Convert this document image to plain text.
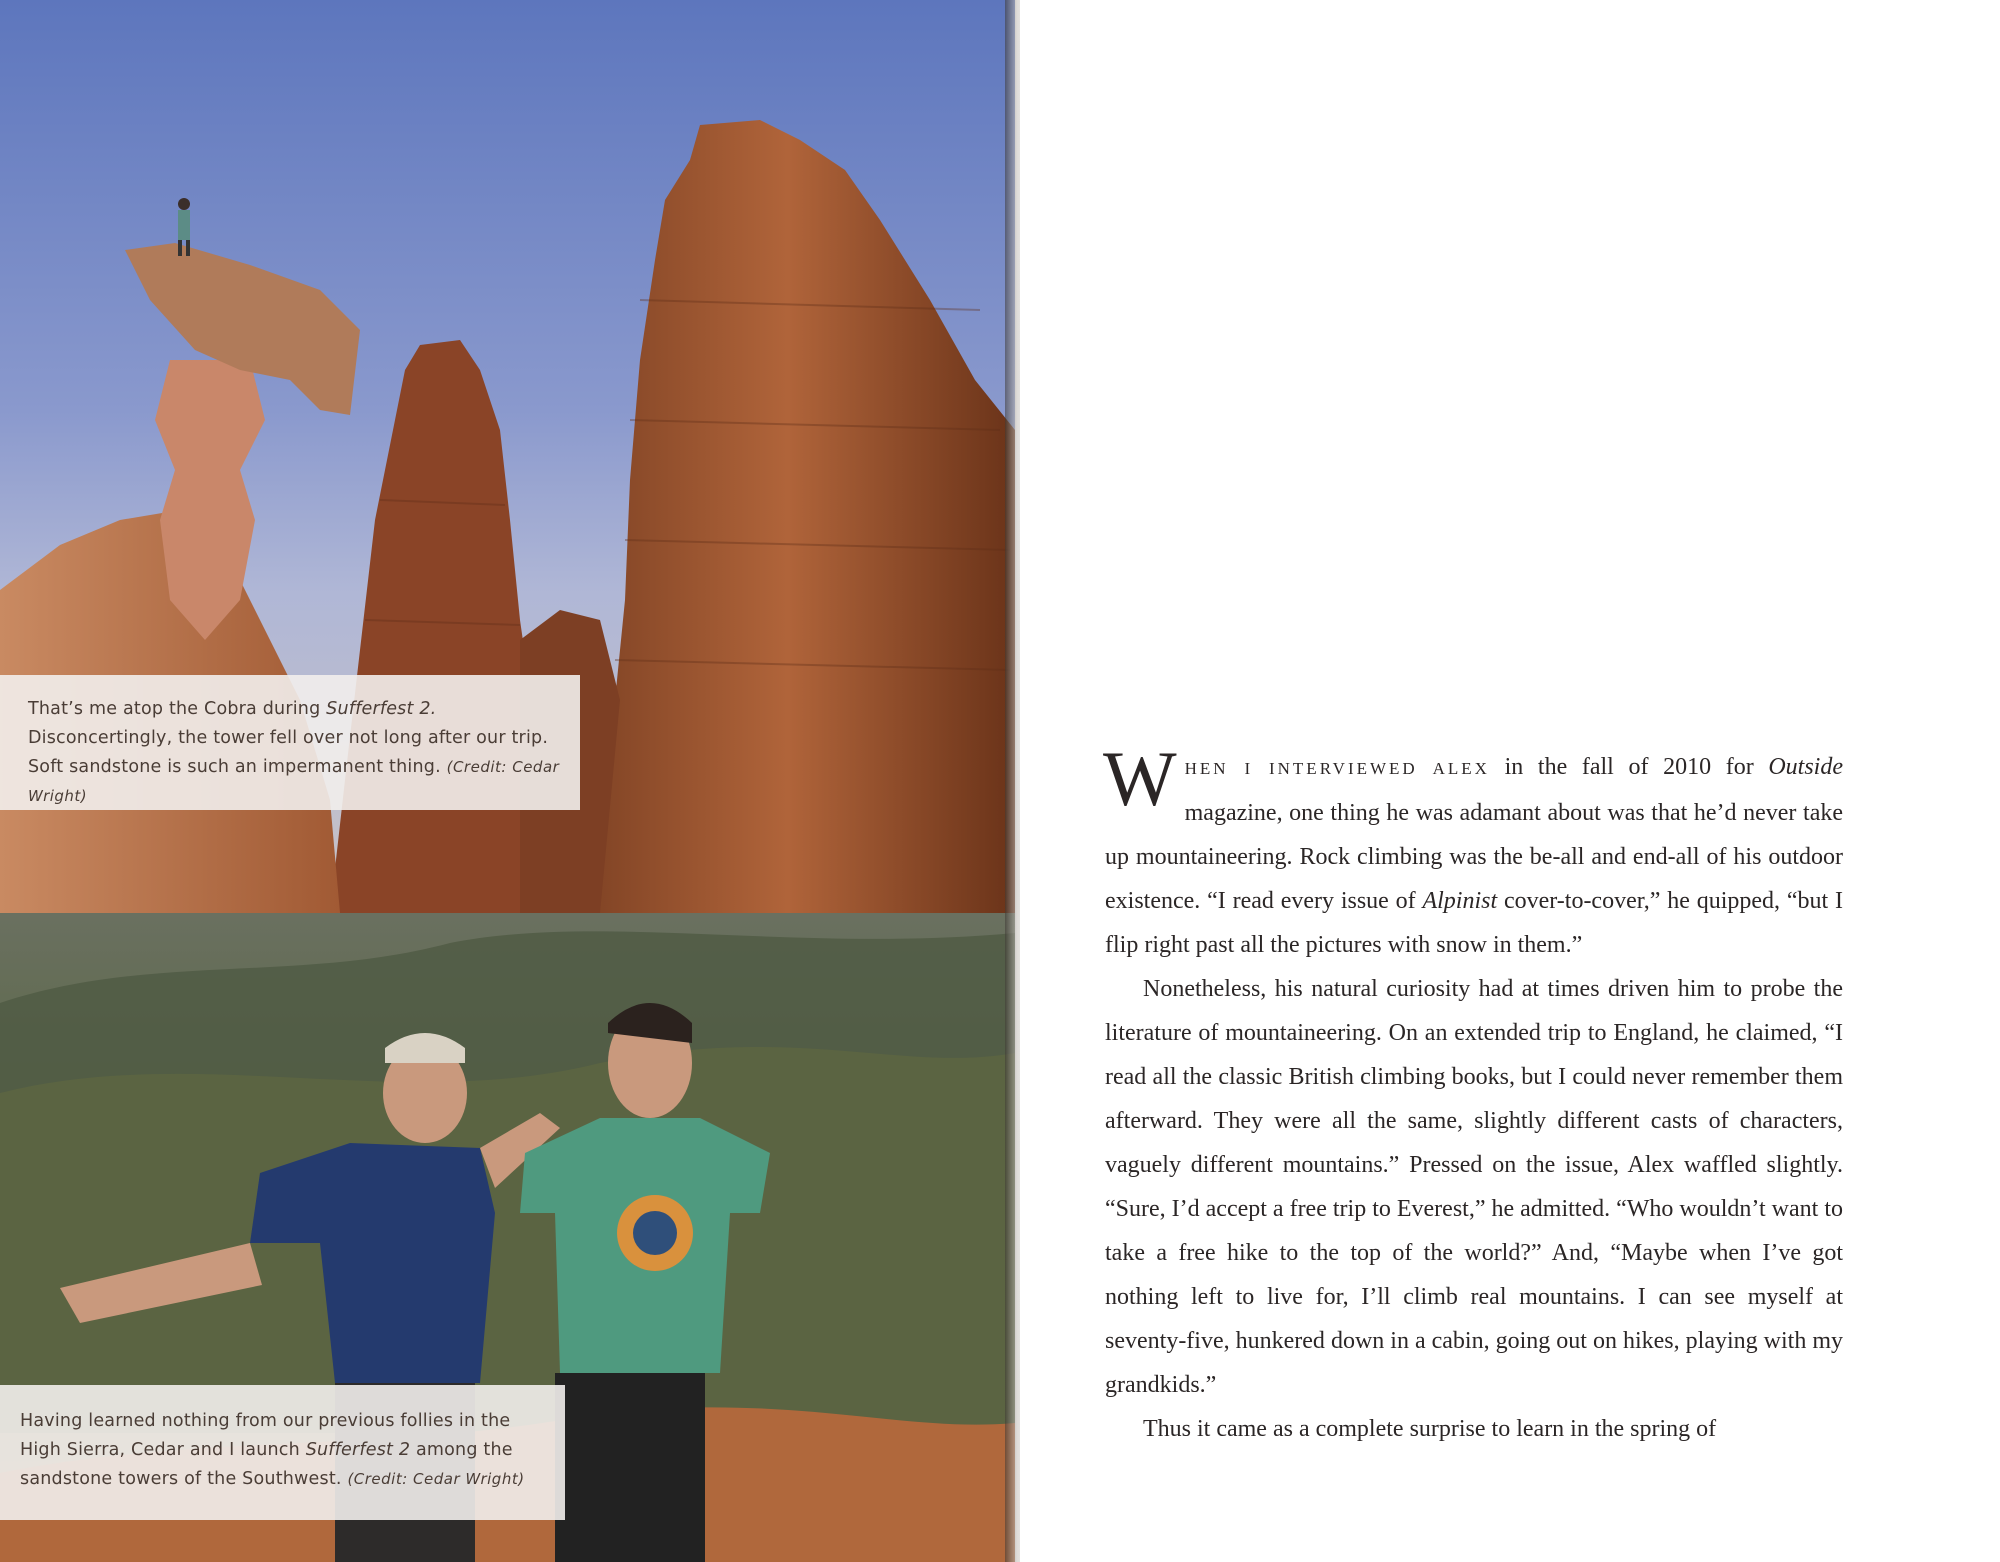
That’s me atop the Cobra during Sufferfest 2. Disconcertingly, the tower fell over not long after our trip. Soft sandstone is such an impermanent thing. (Credit: Cedar Wright)
Having learned nothing from our previous follies in the High Sierra, Cedar and I launch Sufferfest 2 among the sandstone towers of the Southwest. (Credit: Cedar Wright)

WHEN I INTERVIEWED ALEX in the fall of 2010 for Outside magazine, one thing he was adamant about was that he’d never take up mountaineering. Rock climbing was the be-all and end-all of his outdoor existence. “I read every issue of Alpinist cover-to-cover,” he quipped, “but I flip right past all the pictures with snow in them.”

Nonetheless, his natural curiosity had at times driven him to probe the literature of mountaineering. On an extended trip to England, he claimed, “I read all the classic British climbing books, but I could never remember them afterward. They were all the same, slightly different casts of characters, vaguely different mountains.” Pressed on the issue, Alex waffled slightly. “Sure, I’d accept a free trip to Everest,” he admitted. “Who wouldn’t want to take a free hike to the top of the world?” And, “Maybe when I’ve got nothing left to live for, I’ll climb real mountains. I can see myself at seventy-five, hunkered down in a cabin, going out on hikes, playing with my grandkids.”

Thus it came as a complete surprise to learn in the spring of
